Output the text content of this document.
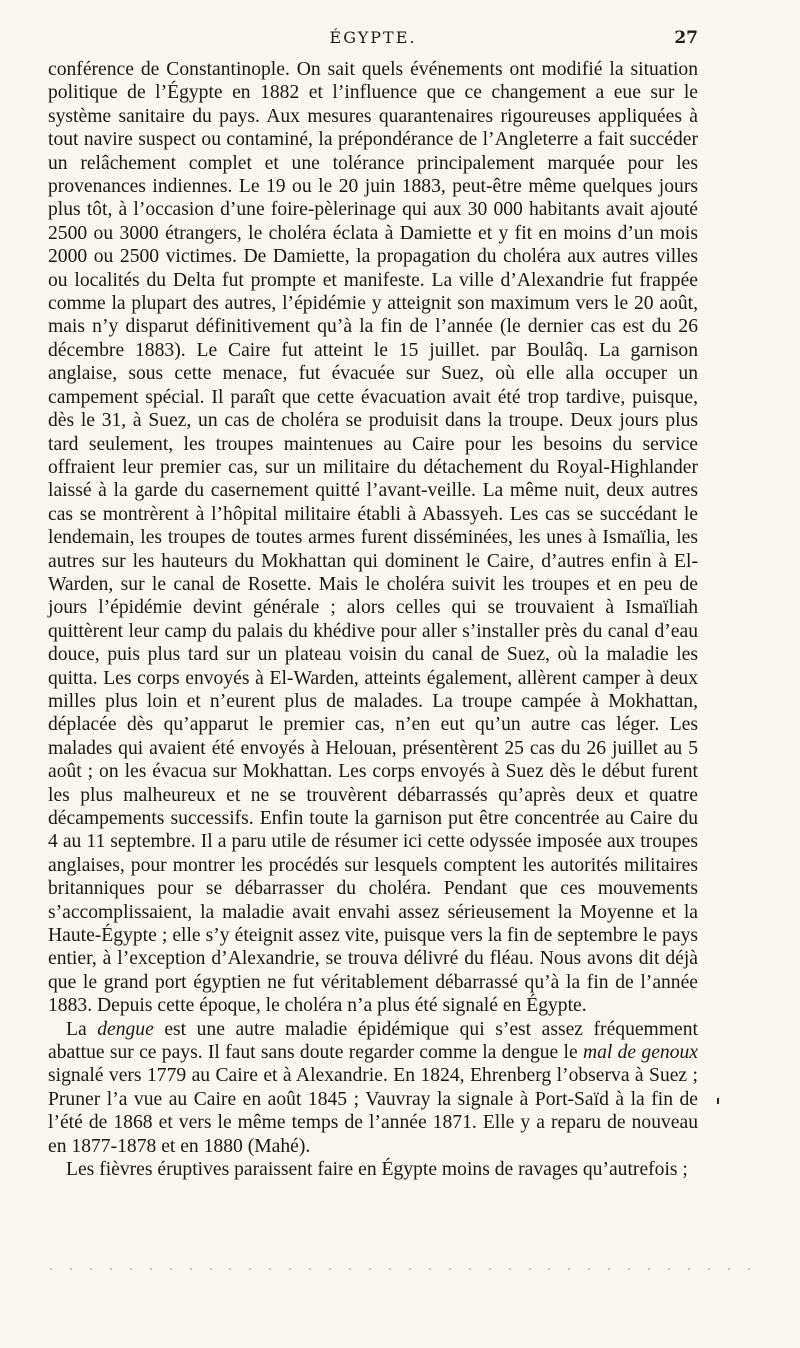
ÉGYPTE.	27

conférence de Constantinople. On sait quels événements ont modifié la situation politique de l’Égypte en 1882 et l’influence que ce changement a eue sur le système sanitaire du pays. Aux mesures quarantenaires rigoureuses appliquées à tout navire suspect ou contaminé, la prépondérance de l’Angleterre a fait succéder un relâchement complet et une tolérance principalement marquée pour les provenances indiennes. Le 19 ou le 20 juin 1883, peut-être même quelques jours plus tôt, à l’occasion d’une foire-pèlerinage qui aux 30 000 habitants avait ajouté 2500 ou 3000 étrangers, le choléra éclata à Damiette et y fit en moins d’un mois 2000 ou 2500 victimes. De Damiette, la propagation du choléra aux autres villes ou localités du Delta fut prompte et manifeste. La ville d’Alexandrie fut frappée comme la plupart des autres, l’épidémie y atteignit son maximum vers le 20 août, mais n’y disparut définitivement qu’à la fin de l’année (le dernier cas est du 26 décembre 1883). Le Caire fut atteint le 15 juillet. par Boulâq. La garnison anglaise, sous cette menace, fut évacuée sur Suez, où elle alla occuper un campement spécial. Il paraît que cette évacuation avait été trop tardive, puisque, dès le 31, à Suez, un cas de choléra se produisit dans la troupe. Deux jours plus tard seulement, les troupes maintenues au Caire pour les besoins du service offraient leur premier cas, sur un militaire du détachement du Royal-Highlander laissé à la garde du casernement quitté l’avant-veille. La même nuit, deux autres cas se montrèrent à l’hôpital militaire établi à Abassyeh. Les cas se succédant le lendemain, les troupes de toutes armes furent disséminées, les unes à Ismaïlia, les autres sur les hauteurs du Mokhattan qui dominent le Caire, d’autres enfin à El-Warden, sur le canal de Rosette. Mais le choléra suivit les troupes et en peu de jours l’épidémie devint générale ; alors celles qui se trouvaient à Ismaïliah quittèrent leur camp du palais du khédive pour aller s’installer près du canal d’eau douce, puis plus tard sur un plateau voisin du canal de Suez, où la maladie les quitta. Les corps envoyés à El-Warden, atteints également, allèrent camper à deux milles plus loin et n’eurent plus de malades. La troupe campée à Mokhattan, déplacée dès qu’apparut le premier cas, n’en eut qu’un autre cas léger. Les malades qui avaient été envoyés à Helouan, présentèrent 25 cas du 26 juillet au 5 août ; on les évacua sur Mokhattan. Les corps envoyés à Suez dès le début furent les plus malheureux et ne se trouvèrent débarrassés qu’après deux et quatre décampements successifs. Enfin toute la garnison put être concentrée au Caire du 4 au 11 septembre. Il a paru utile de résumer ici cette odyssée imposée aux troupes anglaises, pour montrer les procédés sur lesquels comptent les autorités militaires britanniques pour se débarrasser du choléra. Pendant que ces mouvements s’accomplissaient, la maladie avait envahi assez sérieusement la Moyenne et la Haute-Égypte ; elle s’y éteignit assez vite, puisque vers la fin de septembre le pays entier, à l’exception d’Alexandrie, se trouva délivré du fléau. Nous avons dit déjà que le grand port égyptien ne fut véritablement débarrassé qu’à la fin de l’année 1883. Depuis cette époque, le choléra n’a plus été signalé en Égypte.

La dengue est une autre maladie épidémique qui s’est assez fréquemment abattue sur ce pays. Il faut sans doute regarder comme la dengue le mal de genoux signalé vers 1779 au Caire et à Alexandrie. En 1824, Ehrenberg l’observa à Suez ; Pruner l’a vue au Caire en août 1845 ; Vauvray la signale à Port-Saïd à la fin de l’été de 1868 et vers le même temps de l’année 1871. Elle y a reparu de nouveau en 1877-1878 et en 1880 (Mahé).

Les fièvres éruptives paraissent faire en Égypte moins de ravages qu’autrefois ;
